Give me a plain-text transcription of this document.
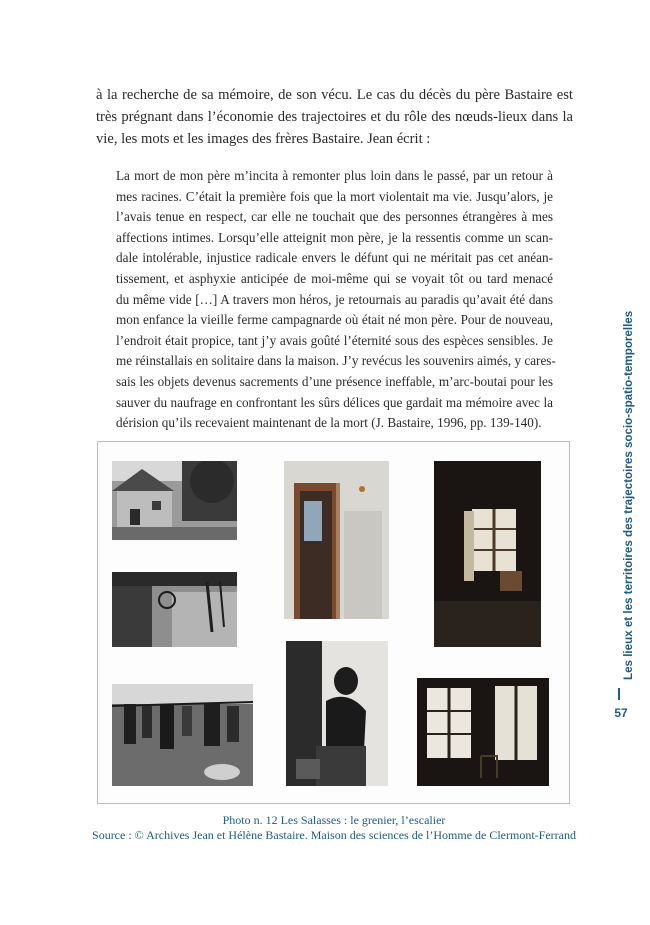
à la recherche de sa mémoire, de son vécu. Le cas du décès du père Bastaire est
très prégnant dans l’économie des trajectoires et du rôle des nœuds-lieux dans la
vie, les mots et les images des frères Bastaire. Jean écrit :
La mort de mon père m’incita à remonter plus loin dans le passé, par un retour à
mes racines. C’était la première fois que la mort violentait ma vie. Jusqu’alors, je
l’avais tenue en respect, car elle ne touchait que des personnes étrangères à mes
affections intimes. Lorsqu’elle atteignit mon père, je la ressentis comme un scan-
dale intolérable, injustice radicale envers le défunt qui ne méritait pas cet anéan-
tissement, et asphyxie anticipée de moi-même qui se voyait tôt ou tard menacé
du même vide […] A travers mon héros, je retournais au paradis qu’avait été dans
mon enfance la vieille ferme campagnarde où était né mon père. Pour de nouveau,
l’endroit était propice, tant j’y avais goûté l’éternité sous des espèces sensibles. Je
me réinstallais en solitaire dans la maison. J’y revécus les souvenirs aimés, y cares-
sais les objets devenus sacrements d’une présence ineffable, m’arc-boutai pour les
sauver du naufrage en confrontant les sûrs délices que gardait ma mémoire avec la
dérision qu’ils recevaient maintenant de la mort (J. Bastaire, 1996, pp. 139-140).
Photo n. 12 Les Salasses : le grenier, l’escalier
Source : © Archives Jean et Hélène Bastaire. Maison des sciences de l’Homme de Clermont-Ferrand
Les lieux et les territoires des trajectoires socio-spatio-temporelles
57
